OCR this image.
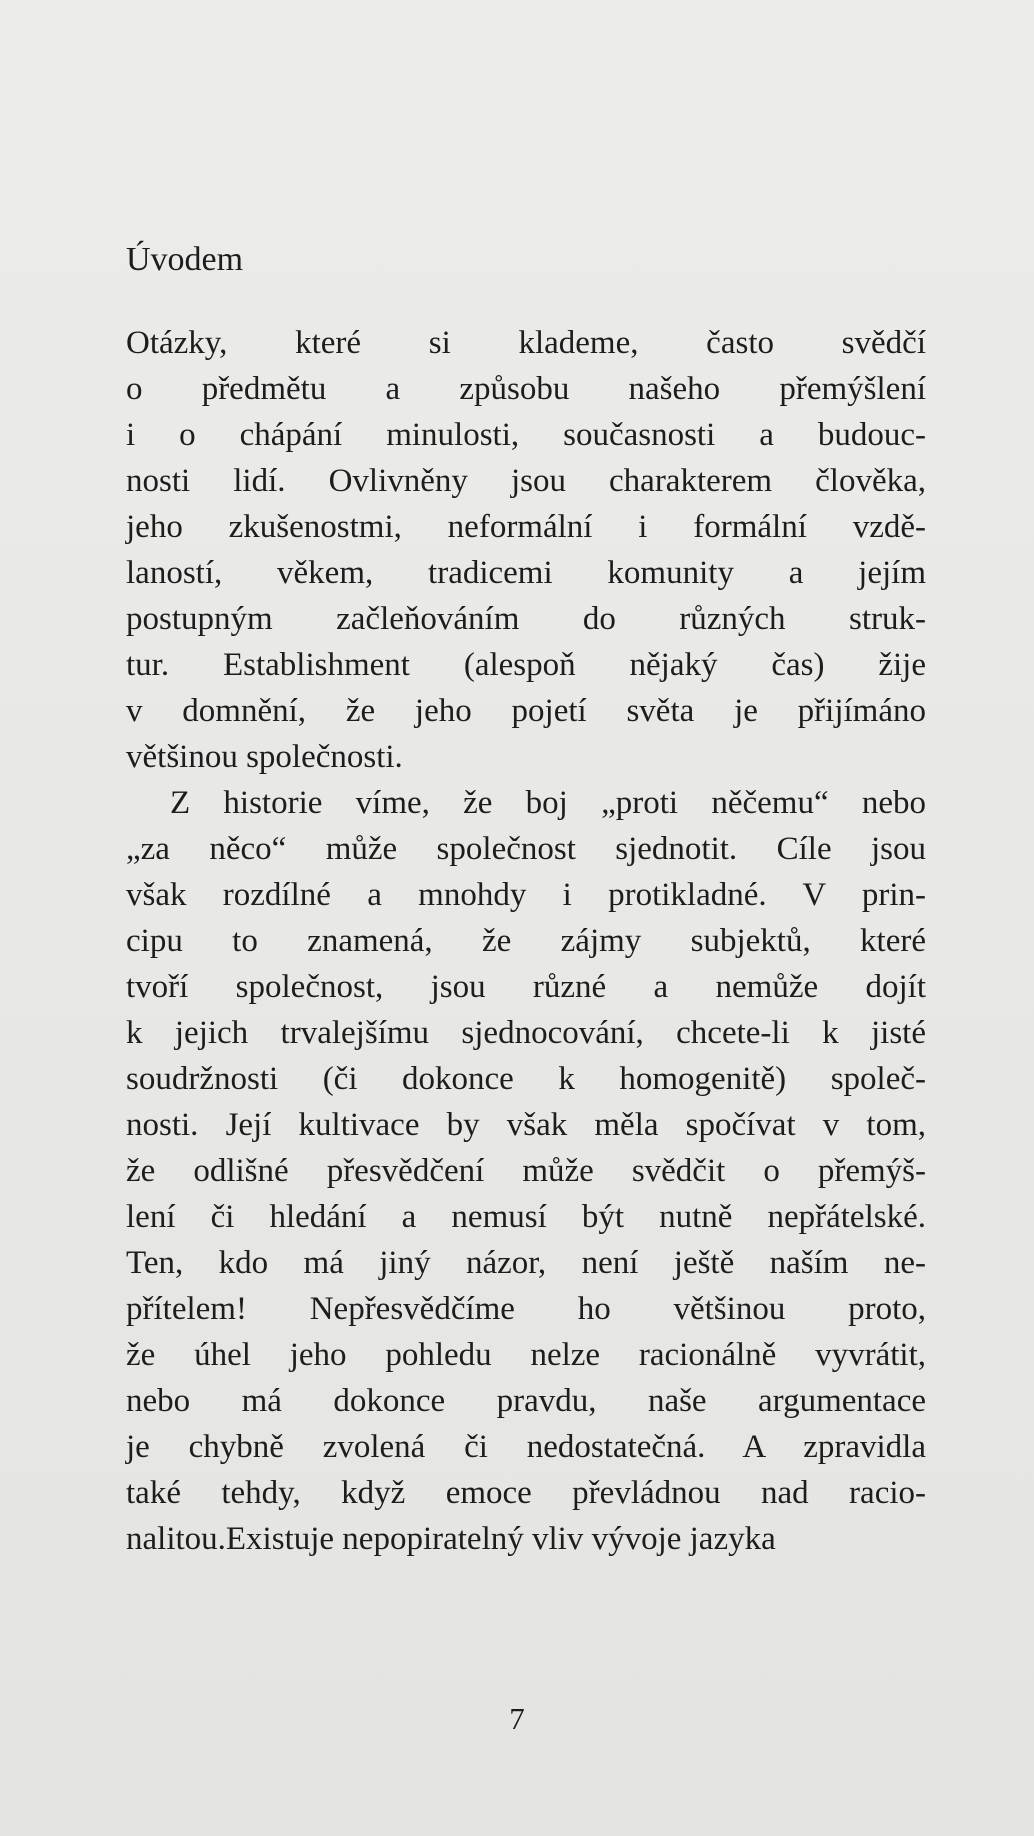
Úvodem
Otázky, které si klademe, často svědčí
o předmětu a způsobu našeho přemýšlení
i o chápání minulosti, současnosti a budouc-
nosti lidí. Ovlivněny jsou charakterem člověka,
jeho zkušenostmi, neformální i formální vzdě-
laností, věkem, tradicemi komunity a jejím
postupným začleňováním do různých struk-
tur. Establishment (alespoň nějaký čas) žije
v domnění, že jeho pojetí světa je přijímáno
většinou společnosti.
Z historie víme, že boj „proti něčemu“ nebo
„za něco“ může společnost sjednotit. Cíle jsou
však rozdílné a mnohdy i protikladné. V prin-
cipu to znamená, že zájmy subjektů, které
tvoří společnost, jsou různé a nemůže dojít
k jejich trvalejšímu sjednocování, chcete-li k jisté
soudržnosti (či dokonce k homogenitě) společ-
nosti. Její kultivace by však měla spočívat v tom,
že odlišné přesvědčení může svědčit o přemýš-
lení či hledání a nemusí být nutně nepřátelské.
Ten, kdo má jiný názor, není ještě naším ne-
přítelem! Nepřesvědčíme ho většinou proto,
že úhel jeho pohledu nelze racionálně vyvrátit,
nebo má dokonce pravdu, naše argumentace
je chybně zvolená či nedostatečná. A zpravidla
také tehdy, když emoce převládnou nad racio-
nalitou.Existuje nepopiratelný vliv vývoje jazyka
7
